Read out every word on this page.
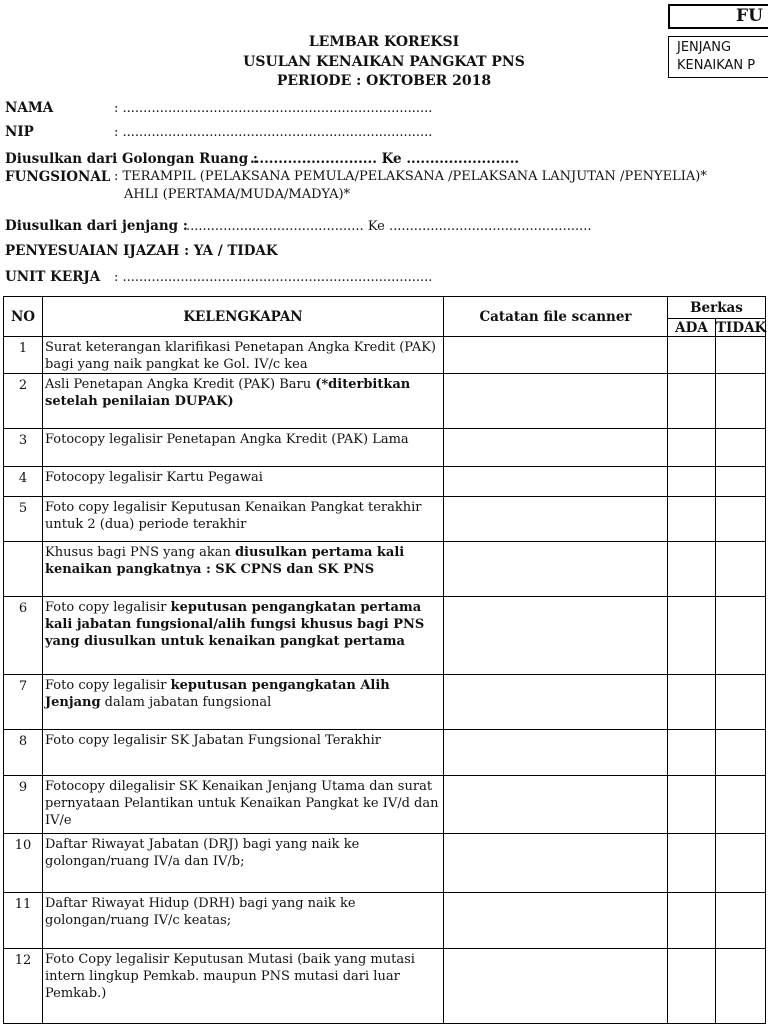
FU
JENJANG
KENAIKAN P
LEMBAR KOREKSI
USULAN KENAIKAN PANGKAT PNS
PERIODE : OKTOBER 2018
NAMA	: ...........................................................................
NIP	: ...........................................................................
Diusulkan dari Golongan Ruang :
........................... Ke ........................
FUNGSIONAL : TERAMPIL (PELAKSANA PEMULA/PELAKSANA /PELAKSANA LANJUTAN /PENYELIA)*
AHLI (PERTAMA/MUDA/MADYA)*
Diusulkan dari jenjang :
........................................... Ke .................................................
PENYESUAIAN IJAZAH : YA / TIDAK
UNIT KERJA : ...........................................................................
NO	KELENGKAPAN	Catatan file scanner	Berkas	
			ADA	TIDAK
1	Surat keterangan klarifikasi Penetapan Angka Kredit (PAK) bagi yang naik pangkat ke Gol. IV/c kea			
2	Asli Penetapan Angka Kredit (PAK) Baru (*diterbitkan setelah penilaian DUPAK)			
3	Fotocopy legalisir Penetapan Angka Kredit (PAK) Lama			
4	Fotocopy legalisir Kartu Pegawai			
5	Foto copy legalisir Keputusan Kenaikan Pangkat terakhir untuk 2 (dua) periode terakhir			
	Khusus bagi PNS yang akan diusulkan pertama kali kenaikan pangkatnya : SK CPNS dan SK PNS			
6	Foto copy legalisir keputusan pengangkatan pertama kali jabatan fungsional/alih fungsi khusus bagi PNS yang diusulkan untuk kenaikan pangkat pertama			
7	Foto copy legalisir keputusan pengangkatan Alih Jenjang dalam jabatan fungsional			
8	Foto copy legalisir SK Jabatan Fungsional Terakhir			
9	Fotocopy dilegalisir SK Kenaikan Jenjang Utama dan surat pernyataan Pelantikan untuk Kenaikan Pangkat ke IV/d dan IV/e			
10	Daftar Riwayat Jabatan (DRJ) bagi yang naik ke golongan/ruang IV/a dan IV/b;			
11	Daftar Riwayat Hidup (DRH) bagi yang naik ke golongan/ruang IV/c keatas;			
12	Foto Copy legalisir Keputusan Mutasi (baik yang mutasi intern lingkup Pemkab. maupun PNS mutasi dari luar Pemkab.)			
